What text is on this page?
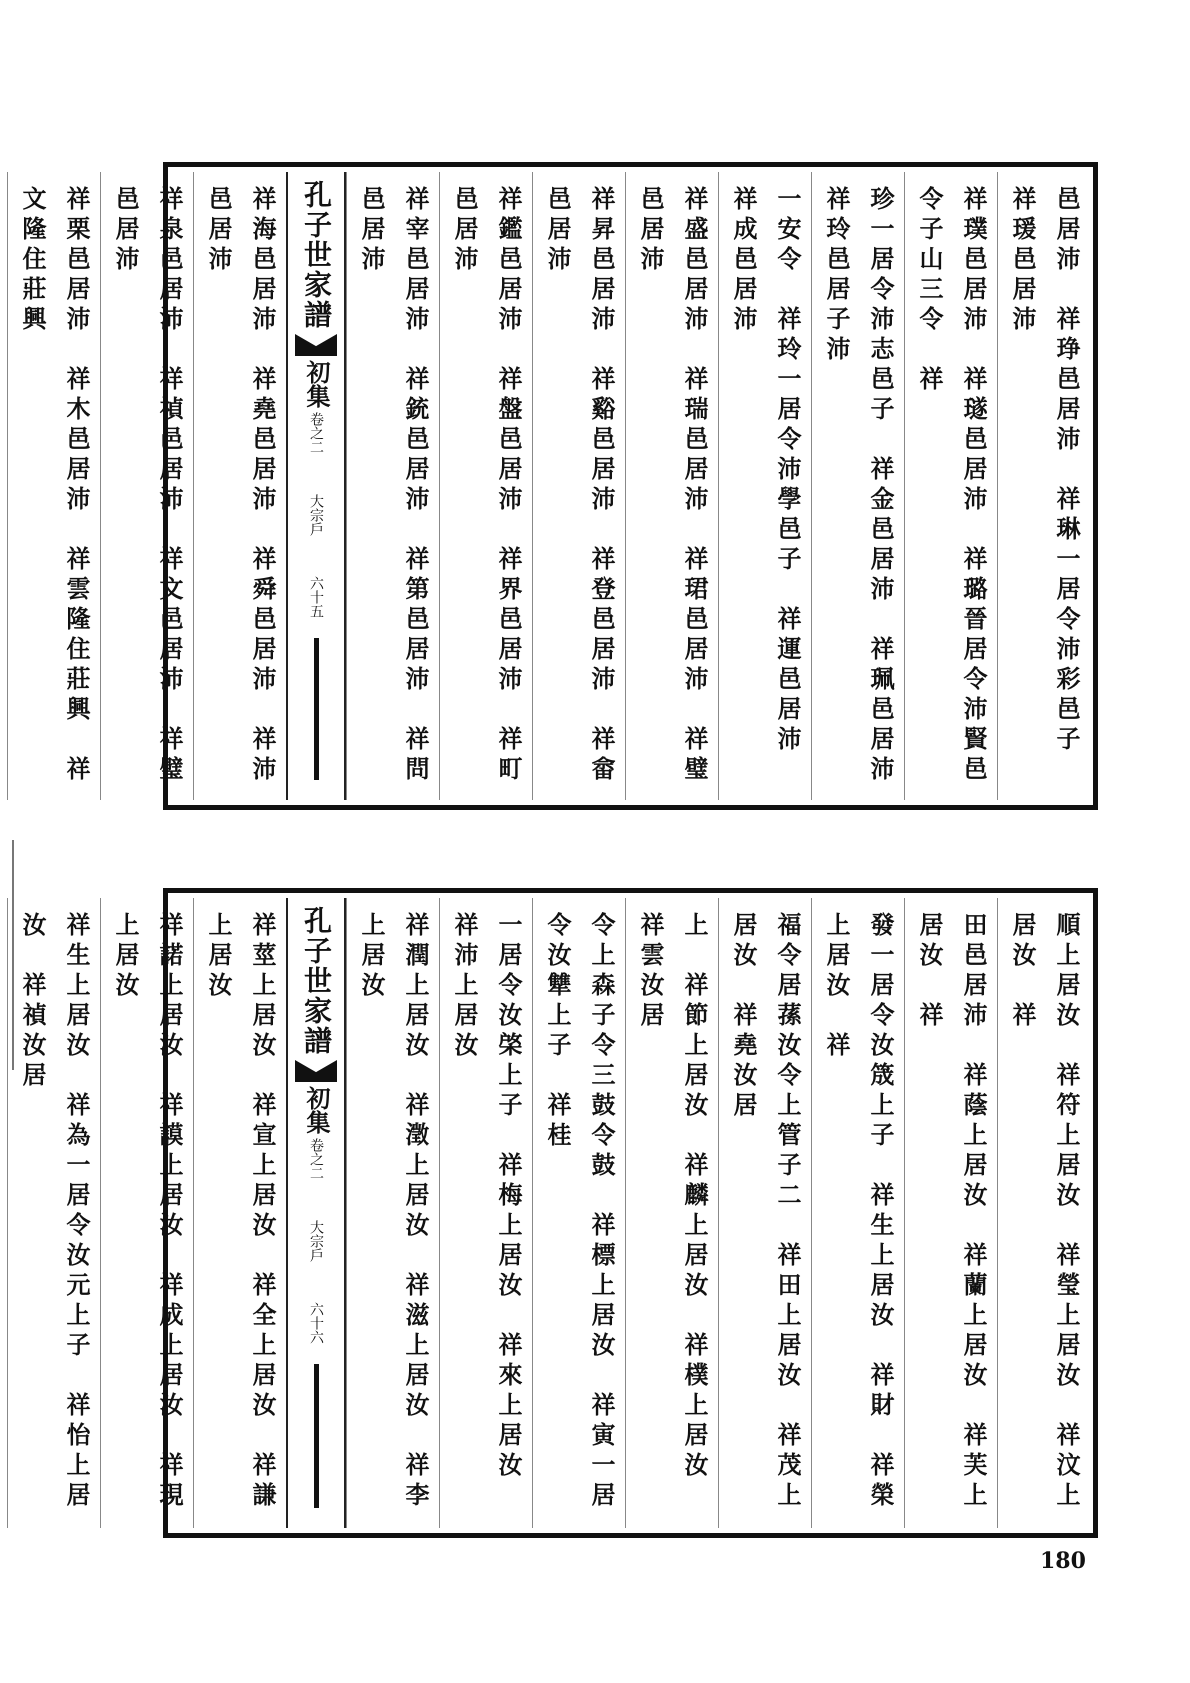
邑居沛　祥琤邑居沛　祥琳一居令沛彩邑子　祥瑗邑居沛
祥璞邑居沛　祥璲邑居沛　祥璐晉居令沛賢邑令子山三令　祥
珍一居令沛志邑子　祥金邑居沛　祥珮邑居沛　祥玲邑居子沛
一安令　祥玲一居令沛學邑子　祥運邑居沛　祥成邑居沛
祥盛邑居沛　祥瑞邑居沛　祥珺邑居沛　祥璧邑居沛
祥昇邑居沛　祥谿邑居沛　祥登邑居沛　祥畲邑居沛
祥鑑邑居沛　祥盤邑居沛　祥界邑居沛　祥町邑居沛
祥宰邑居沛　祥銃邑居沛　祥第邑居沛　祥問邑居沛
孔子世家譜
初集
卷之二
大宗戶
六十五
祥海邑居沛　祥堯邑居沛　祥舜邑居沛　祥沛邑居沛
祥泉邑居沛　祥禎邑居沛　祥文邑居沛　祥璧邑居沛
祥栗邑居沛　祥木邑居沛　祥雲隆住莊興　祥文隆住莊興
順上居汝　祥符上居汝　祥瑩上居汝　祥汶上居汝　祥
田邑居沛　祥蔭上居汝　祥蘭上居汝　祥芙上居汝　祥
發一居令汝筬上子　祥生上居汝　祥財　祥榮上居汝　祥
福令居蓀汝令上管子二　祥田上居汝　祥茂上居汝　祥堯汝居
上　祥節上居汝　祥麟上居汝　祥樸上居汝　祥雲汝居
令上森子令三鼓令鼓　祥標上居汝　祥寅一居令汝犨上子　祥桂
一居令汝棨上子　祥梅上居汝　祥來上居汝　祥沛上居汝
祥潤上居汝　祥澂上居汝　祥滋上居汝　祥李上居汝
孔子世家譜
初集
卷之二
大宗戶
六十六
祥莖上居汝　祥宣上居汝　祥全上居汝　祥謙上居汝
祥諾上居汝　祥謨上居汝　祥成上居汝　祥現上居汝
祥生上居汝　祥為一居令汝元上子　祥怡上居汝　祥禎汝居
180
